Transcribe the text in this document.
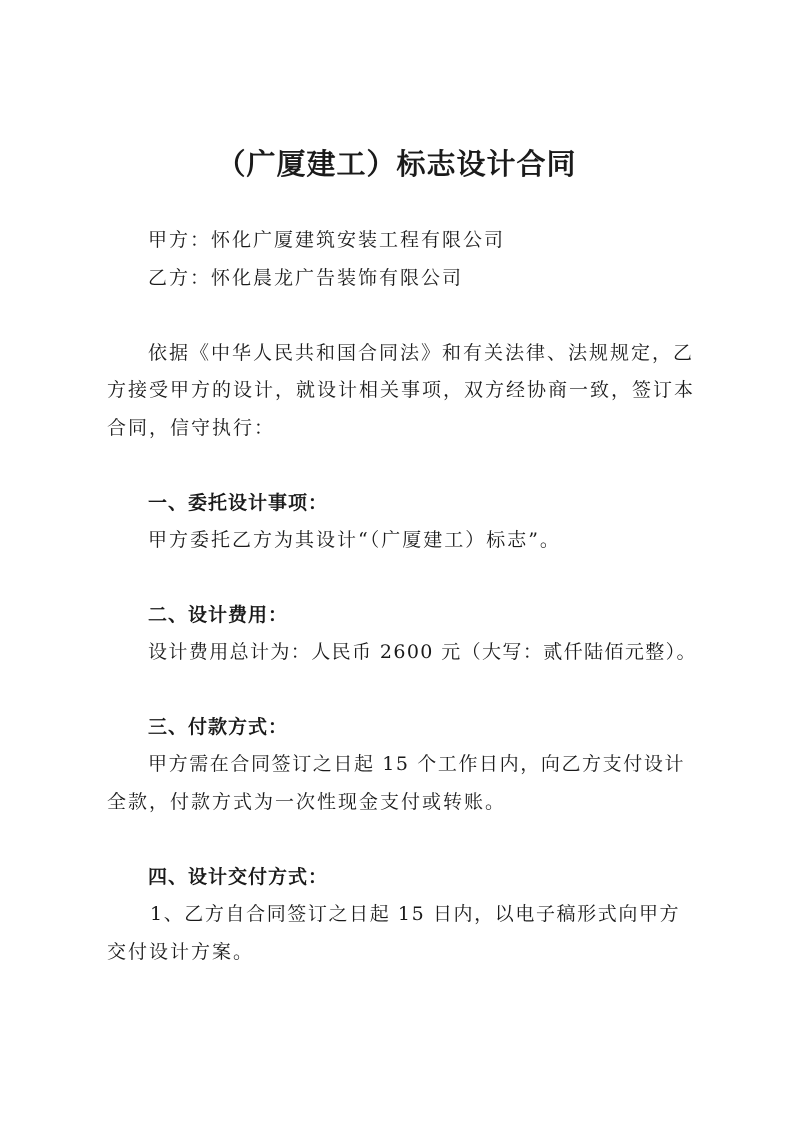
（广厦建工）标志设计合同

甲方：怀化广厦建筑安装工程有限公司

乙方：怀化晨龙广告装饰有限公司

依据《中华人民共和国合同法》和有关法律、法规规定，乙

方接受甲方的设计，就设计相关事项，双方经协商一致，签订本

合同，信守执行：

一、委托设计事项：

甲方委托乙方为其设计“（广厦建工）标志”。

二、设计费用：

设计费用总计为：人民币 2600 元（大写：贰仟陆佰元整）。

三、付款方式：

甲方需在合同签订之日起 15 个工作日内，向乙方支付设计

全款，付款方式为一次性现金支付或转账。

四、设计交付方式：

1、乙方自合同签订之日起 15 日内，以电子稿形式向甲方

交付设计方案。
